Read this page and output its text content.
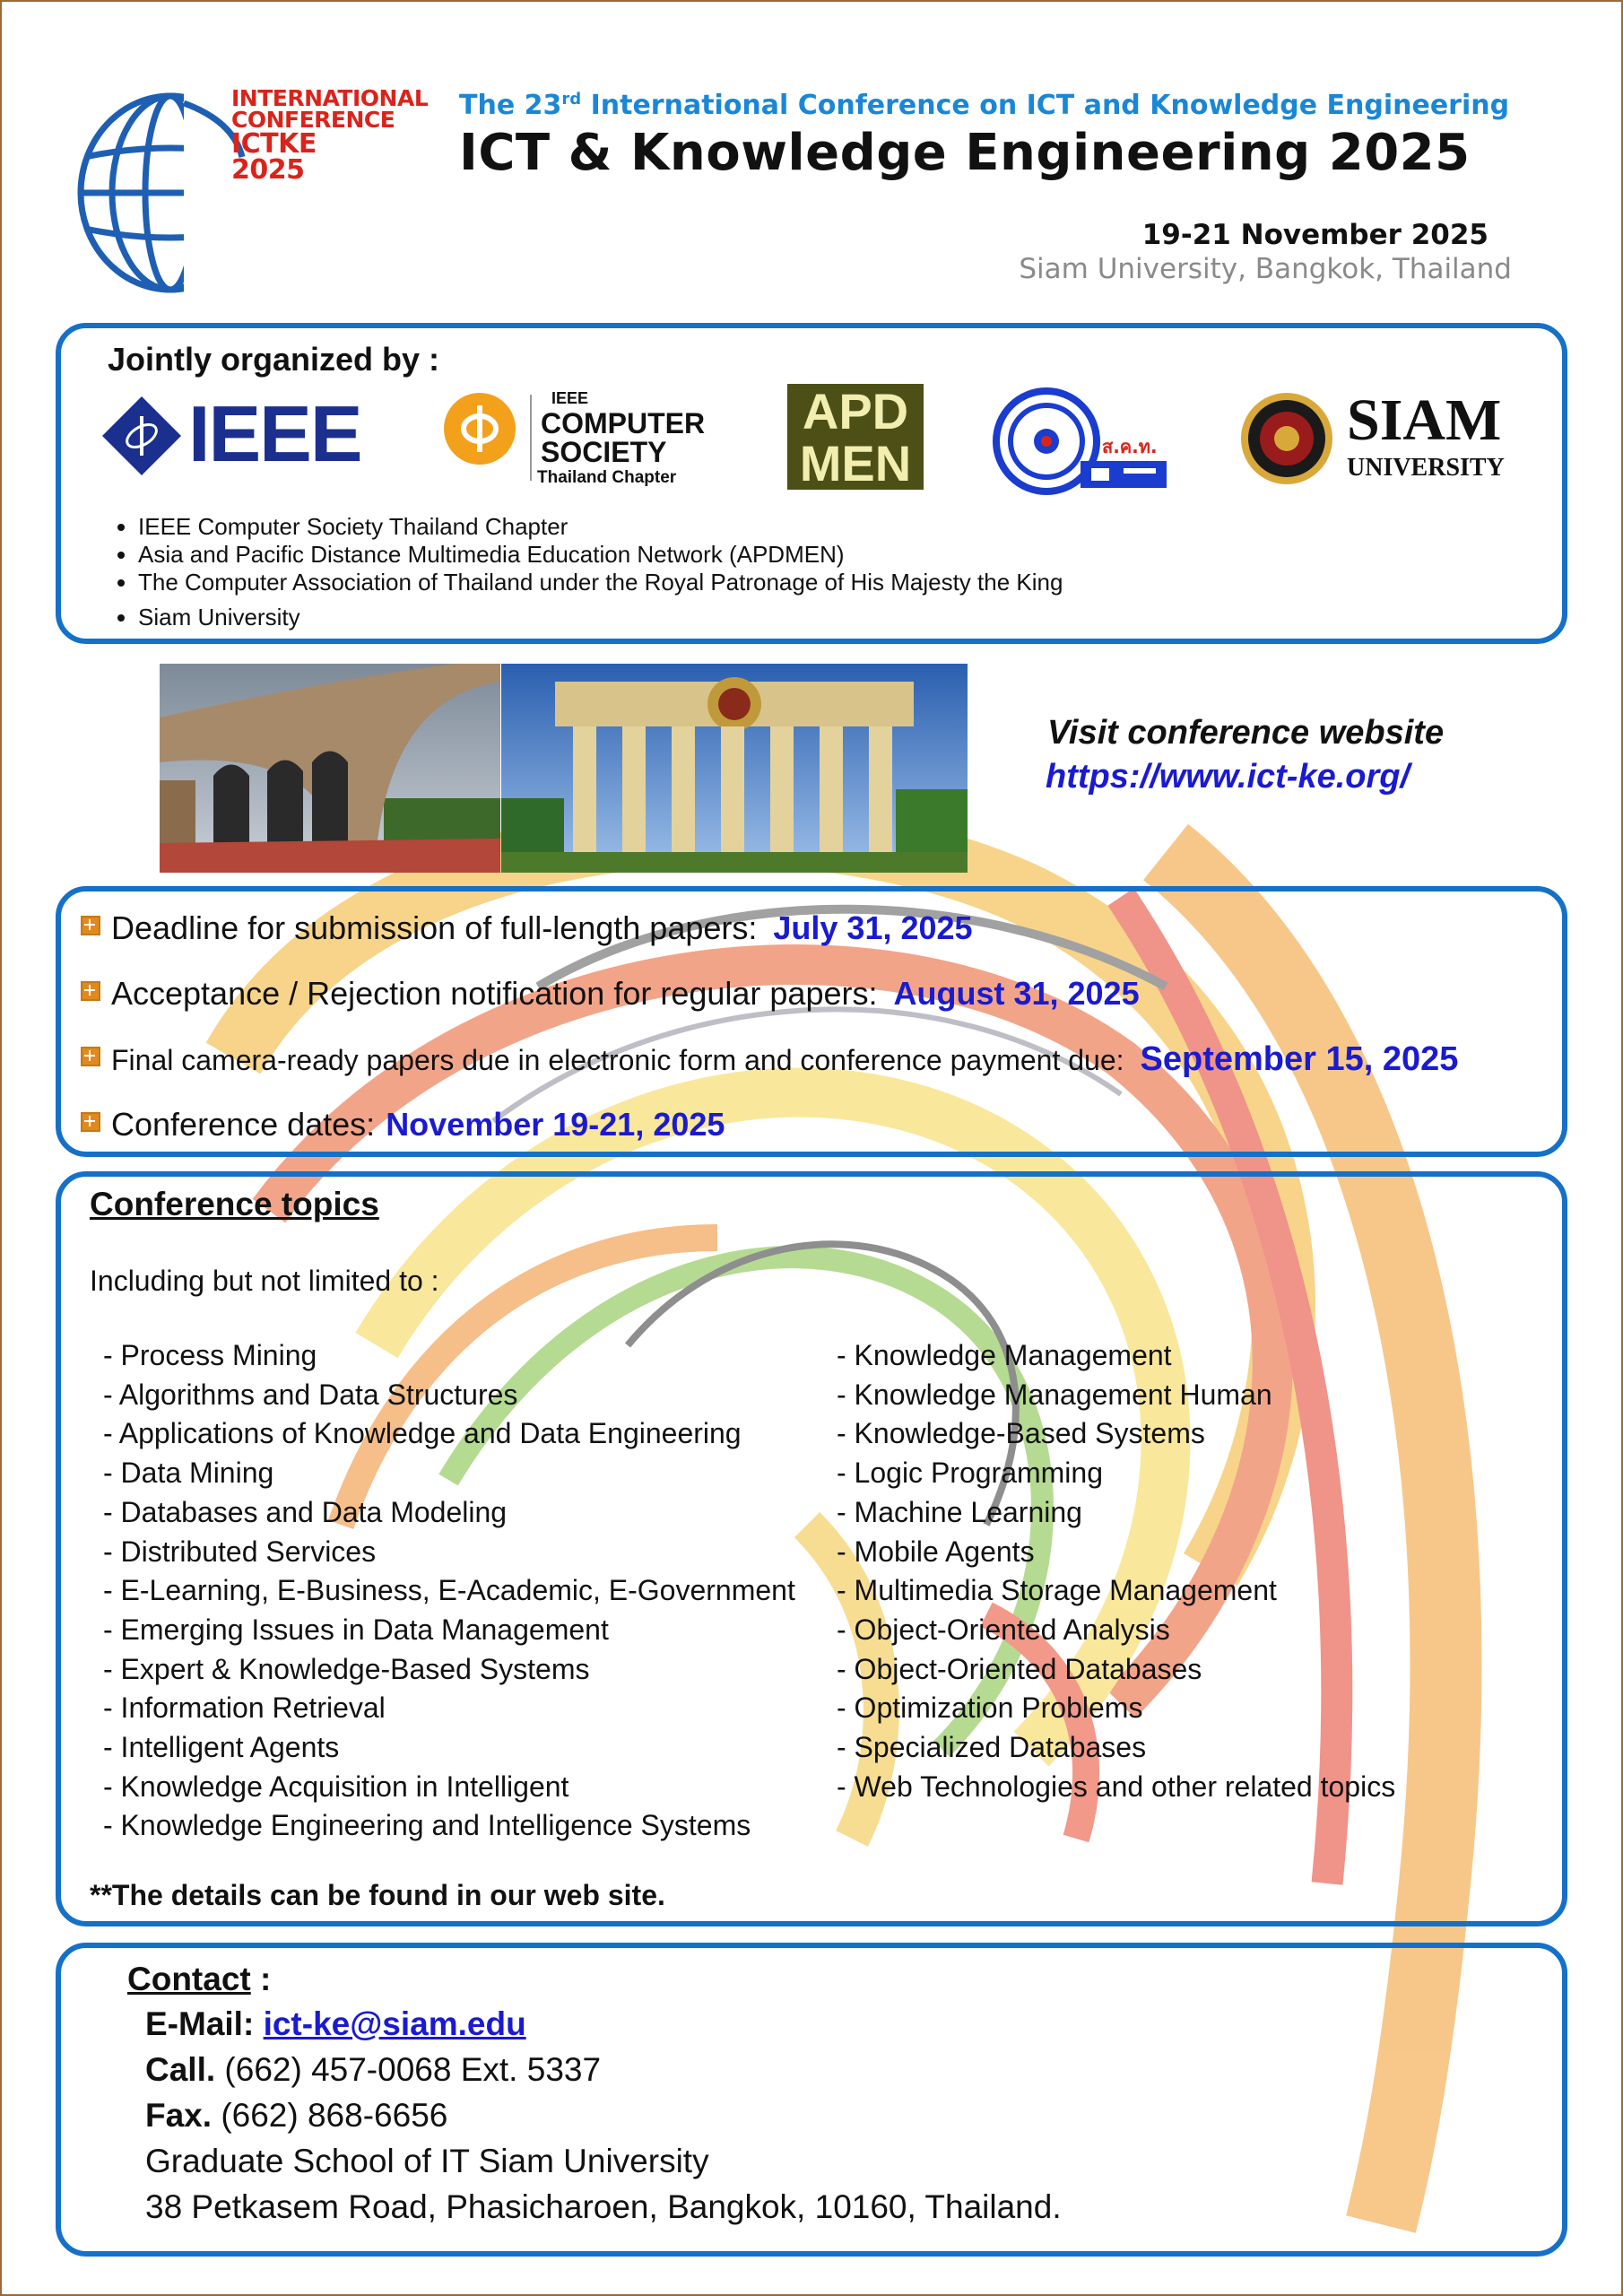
INTERNATIONAL
CONFERENCE
ICTKE
2025
The 23rd International Conference on ICT and Knowledge Engineering
ICT & Knowledge Engineering 2025
19-21 November 2025
Siam University, Bangkok, Thailand
Jointly organized by :
IEEE	IEEE
COMPUTER
SOCIETY
Thailand Chapter
APD
MEN	ส.ค.ท.	SIAM
UNIVERSITY
• IEEE Computer Society Thailand Chapter
• Asia and Pacific Distance Multimedia Education Network (APDMEN)
• The Computer Association of Thailand under the Royal Patronage of His Majesty the King
• Siam University
Visit conference website
https://www.ict-ke.org/
Deadline for submission of full-length papers: July 31, 2025
Acceptance / Rejection notification for regular papers: August 31, 2025
Final camera-ready papers due in electronic form and conference payment due: September 15, 2025
Conference dates: November 19-21, 2025
Conference topics
Including but not limited to :
- Process Mining
- Algorithms and Data Structures
- Applications of Knowledge and Data Engineering
- Data Mining
- Databases and Data Modeling
- Distributed Services
- E-Learning, E-Business, E-Academic, E-Government
- Emerging Issues in Data Management
- Expert & Knowledge-Based Systems
- Information Retrieval
- Intelligent Agents
- Knowledge Acquisition in Intelligent
- Knowledge Engineering and Intelligence Systems
- Knowledge Management
- Knowledge Management Human
- Knowledge-Based Systems
- Logic Programming
- Machine Learning
- Mobile Agents
- Multimedia Storage Management
- Object-Oriented Analysis
- Object-Oriented Databases
- Optimization Problems
- Specialized Databases
- Web Technologies and other related topics
**The details can be found in our web site.
Contact :
E-Mail: ict-ke@siam.edu
Call. (662) 457-0068 Ext. 5337
Fax. (662) 868-6656
Graduate School of IT Siam University
38 Petkasem Road, Phasicharoen, Bangkok, 10160, Thailand.
